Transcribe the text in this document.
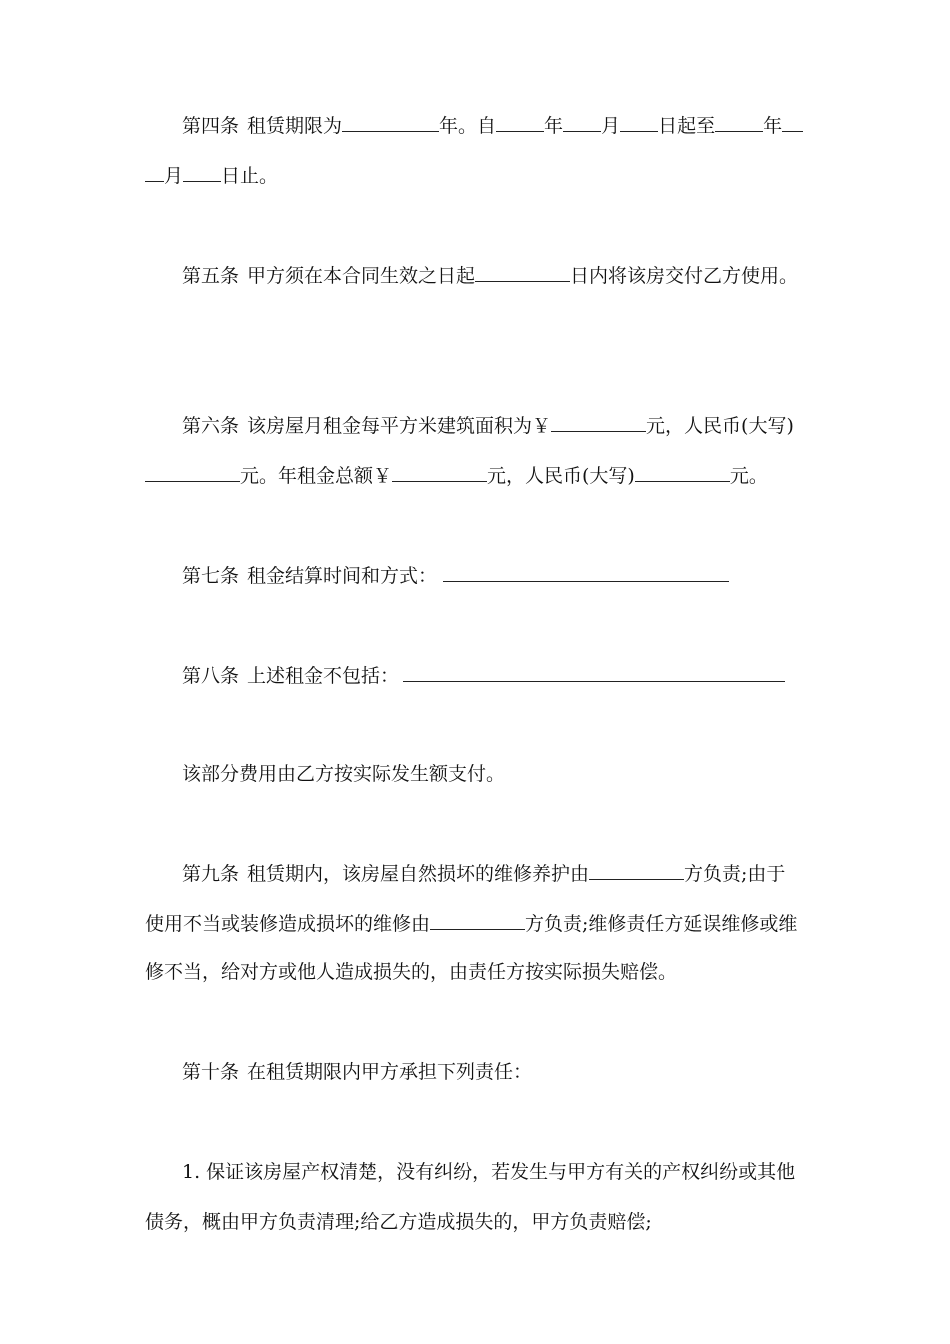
第四条 租赁期限为	年。自	年 月 日起至	年
月 日止。
第五条 甲方须在本合同生效之日起	日内将该房交付乙方使用。
第六条 该房屋月租金每平方米建筑面积为￥	元，人民币(大写)
元。年租金总额￥	元，人民币(大写)	元。
第七条 租金结算时间和方式：
第八条 上述租金不包括：
该部分费用由乙方按实际发生额支付。
第九条 租赁期内，该房屋自然损坏的维修养护由	方负责;由于
使用不当或装修造成损坏的维修由	方负责;维修责任方延误维修或维
修不当，给对方或他人造成损失的，由责任方按实际损失赔偿。
第十条 在租赁期限内甲方承担下列责任：
1. 保证该房屋产权清楚，没有纠纷，若发生与甲方有关的产权纠纷或其他
债务，概由甲方负责清理;给乙方造成损失的，甲方负责赔偿;
